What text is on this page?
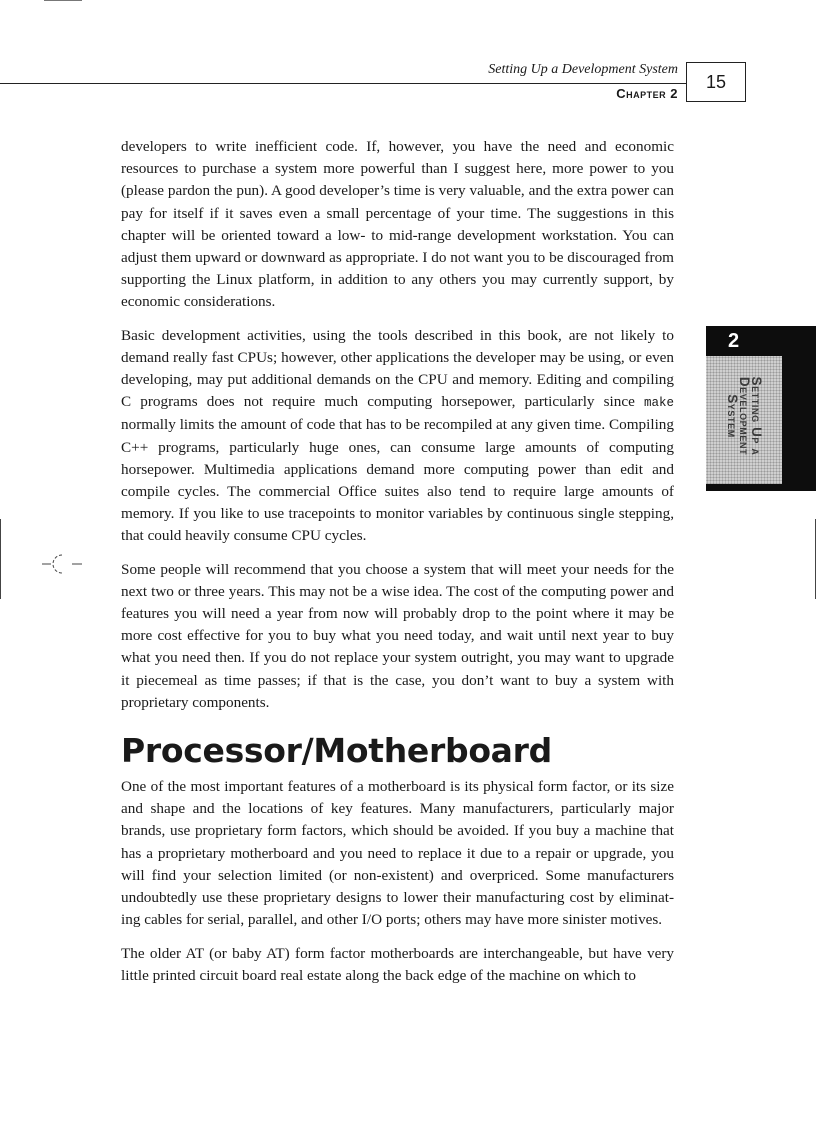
Setting Up a Development System
Chapter 2
15

developers to write inefficient code. If, however, you have the need and economic resources to purchase a system more powerful than I suggest here, more power to you (please pardon the pun). A good developer’s time is very valuable, and the extra power can pay for itself if it saves even a small percentage of your time. The suggestions in this chapter will be oriented toward a low- to mid-range development workstation. You can adjust them upward or downward as appropriate. I do not want you to be discouraged from supporting the Linux platform, in addition to any others you may currently support, by economic considerations.

Basic development activities, using the tools described in this book, are not likely to demand really fast CPUs; however, other applications the developer may be using, or even developing, may put additional demands on the CPU and memory. Editing and compiling C programs does not require much computing horsepower, particularly since make normally limits the amount of code that has to be recompiled at any given time. Compiling C++ programs, particularly huge ones, can consume large amounts of computing horsepower. Multimedia applications demand more computing power than edit and compile cycles. The commercial Office suites also tend to require large amounts of memory. If you like to use tracepoints to monitor variables by continuous single stepping, that could heavily consume CPU cycles.

Some people will recommend that you choose a system that will meet your needs for the next two or three years. This may not be a wise idea. The cost of the computing power and features you will need a year from now will probably drop to the point where it may be more cost effective for you to buy what you need today, and wait until next year to buy what you need then. If you do not replace your system outright, you may want to upgrade it piecemeal as time passes; if that is the case, you don’t want to buy a system with proprietary components.

Processor/Motherboard

One of the most important features of a motherboard is its physical form factor, or its size and shape and the locations of key features. Many manufacturers, particularly major brands, use proprietary form factors, which should be avoided. If you buy a machine that has a proprietary motherboard and you need to replace it due to a repair or upgrade, you will find your selection limited (or non-existent) and overpriced. Some manufacturers undoubtedly use these proprietary designs to lower their manufacturing cost by eliminating cables for serial, parallel, and other I/O ports; others may have more sinister motives.

The older AT (or baby AT) form factor motherboards are interchangeable, but have very little printed circuit board real estate along the back edge of the machine on which to

2
Setting Up a
Development
System
